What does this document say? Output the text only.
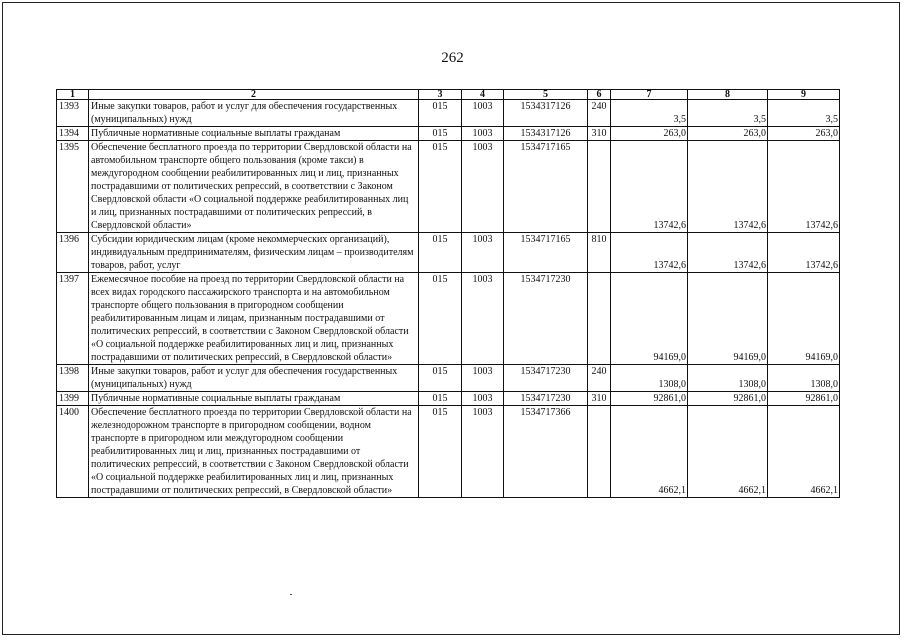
262
1	2	3	4	5	6	7	8	9
1393	Иные закупки товаров, работ и услуг для обеспечения государственных (муниципальных) нужд	015	1003	1534317126	240	3,5	3,5	3,5
1394	Публичные нормативные социальные выплаты гражданам	015	1003	1534317126	310	263,0	263,0	263,0
1395	Обеспечение бесплатного проезда по территории Свердловской области на автомобильном транспорте общего пользования (кроме такси) в междугородном сообщении реабилитированных лиц и лиц, признанных пострадавшими от политических репрессий, в соответствии с Законом Свердловской области «О социальной поддержке реабилитированных лиц и лиц, признанных пострадавшими от политических репрессий, в Свердловской области»	015	1003	1534717165		13742,6	13742,6	13742,6
1396	Субсидии юридическим лицам (кроме некоммерческих организаций), индивидуальным предпринимателям, физическим лицам – производителям товаров, работ, услуг	015	1003	1534717165	810	13742,6	13742,6	13742,6
1397	Ежемесячное пособие на проезд по территории Свердловской области на всех видах городского пассажирского транспорта и на автомобильном транспорте общего пользования в пригородном сообщении реабилитированным лицам и лицам, признанным пострадавшими от политических репрессий, в соответствии с Законом Свердловской области «О социальной поддержке реабилитированных лиц и лиц, признанных пострадавшими от политических репрессий, в Свердловской области»	015	1003	1534717230		94169,0	94169,0	94169,0
1398	Иные закупки товаров, работ и услуг для обеспечения государственных (муниципальных) нужд	015	1003	1534717230	240	1308,0	1308,0	1308,0
1399	Публичные нормативные социальные выплаты гражданам	015	1003	1534717230	310	92861,0	92861,0	92861,0
1400	Обеспечение бесплатного проезда по территории Свердловской области на железнодорожном транспорте в пригородном сообщении, водном транспорте в пригородном или междугородном сообщении реабилитированных лиц и лиц, признанных пострадавшими от политических репрессий, в соответствии с Законом Свердловской области «О социальной поддержке реабилитированных лиц и лиц, признанных пострадавшими от политических репрессий, в Свердловской области»	015	1003	1534717366		4662,1	4662,1	4662,1
